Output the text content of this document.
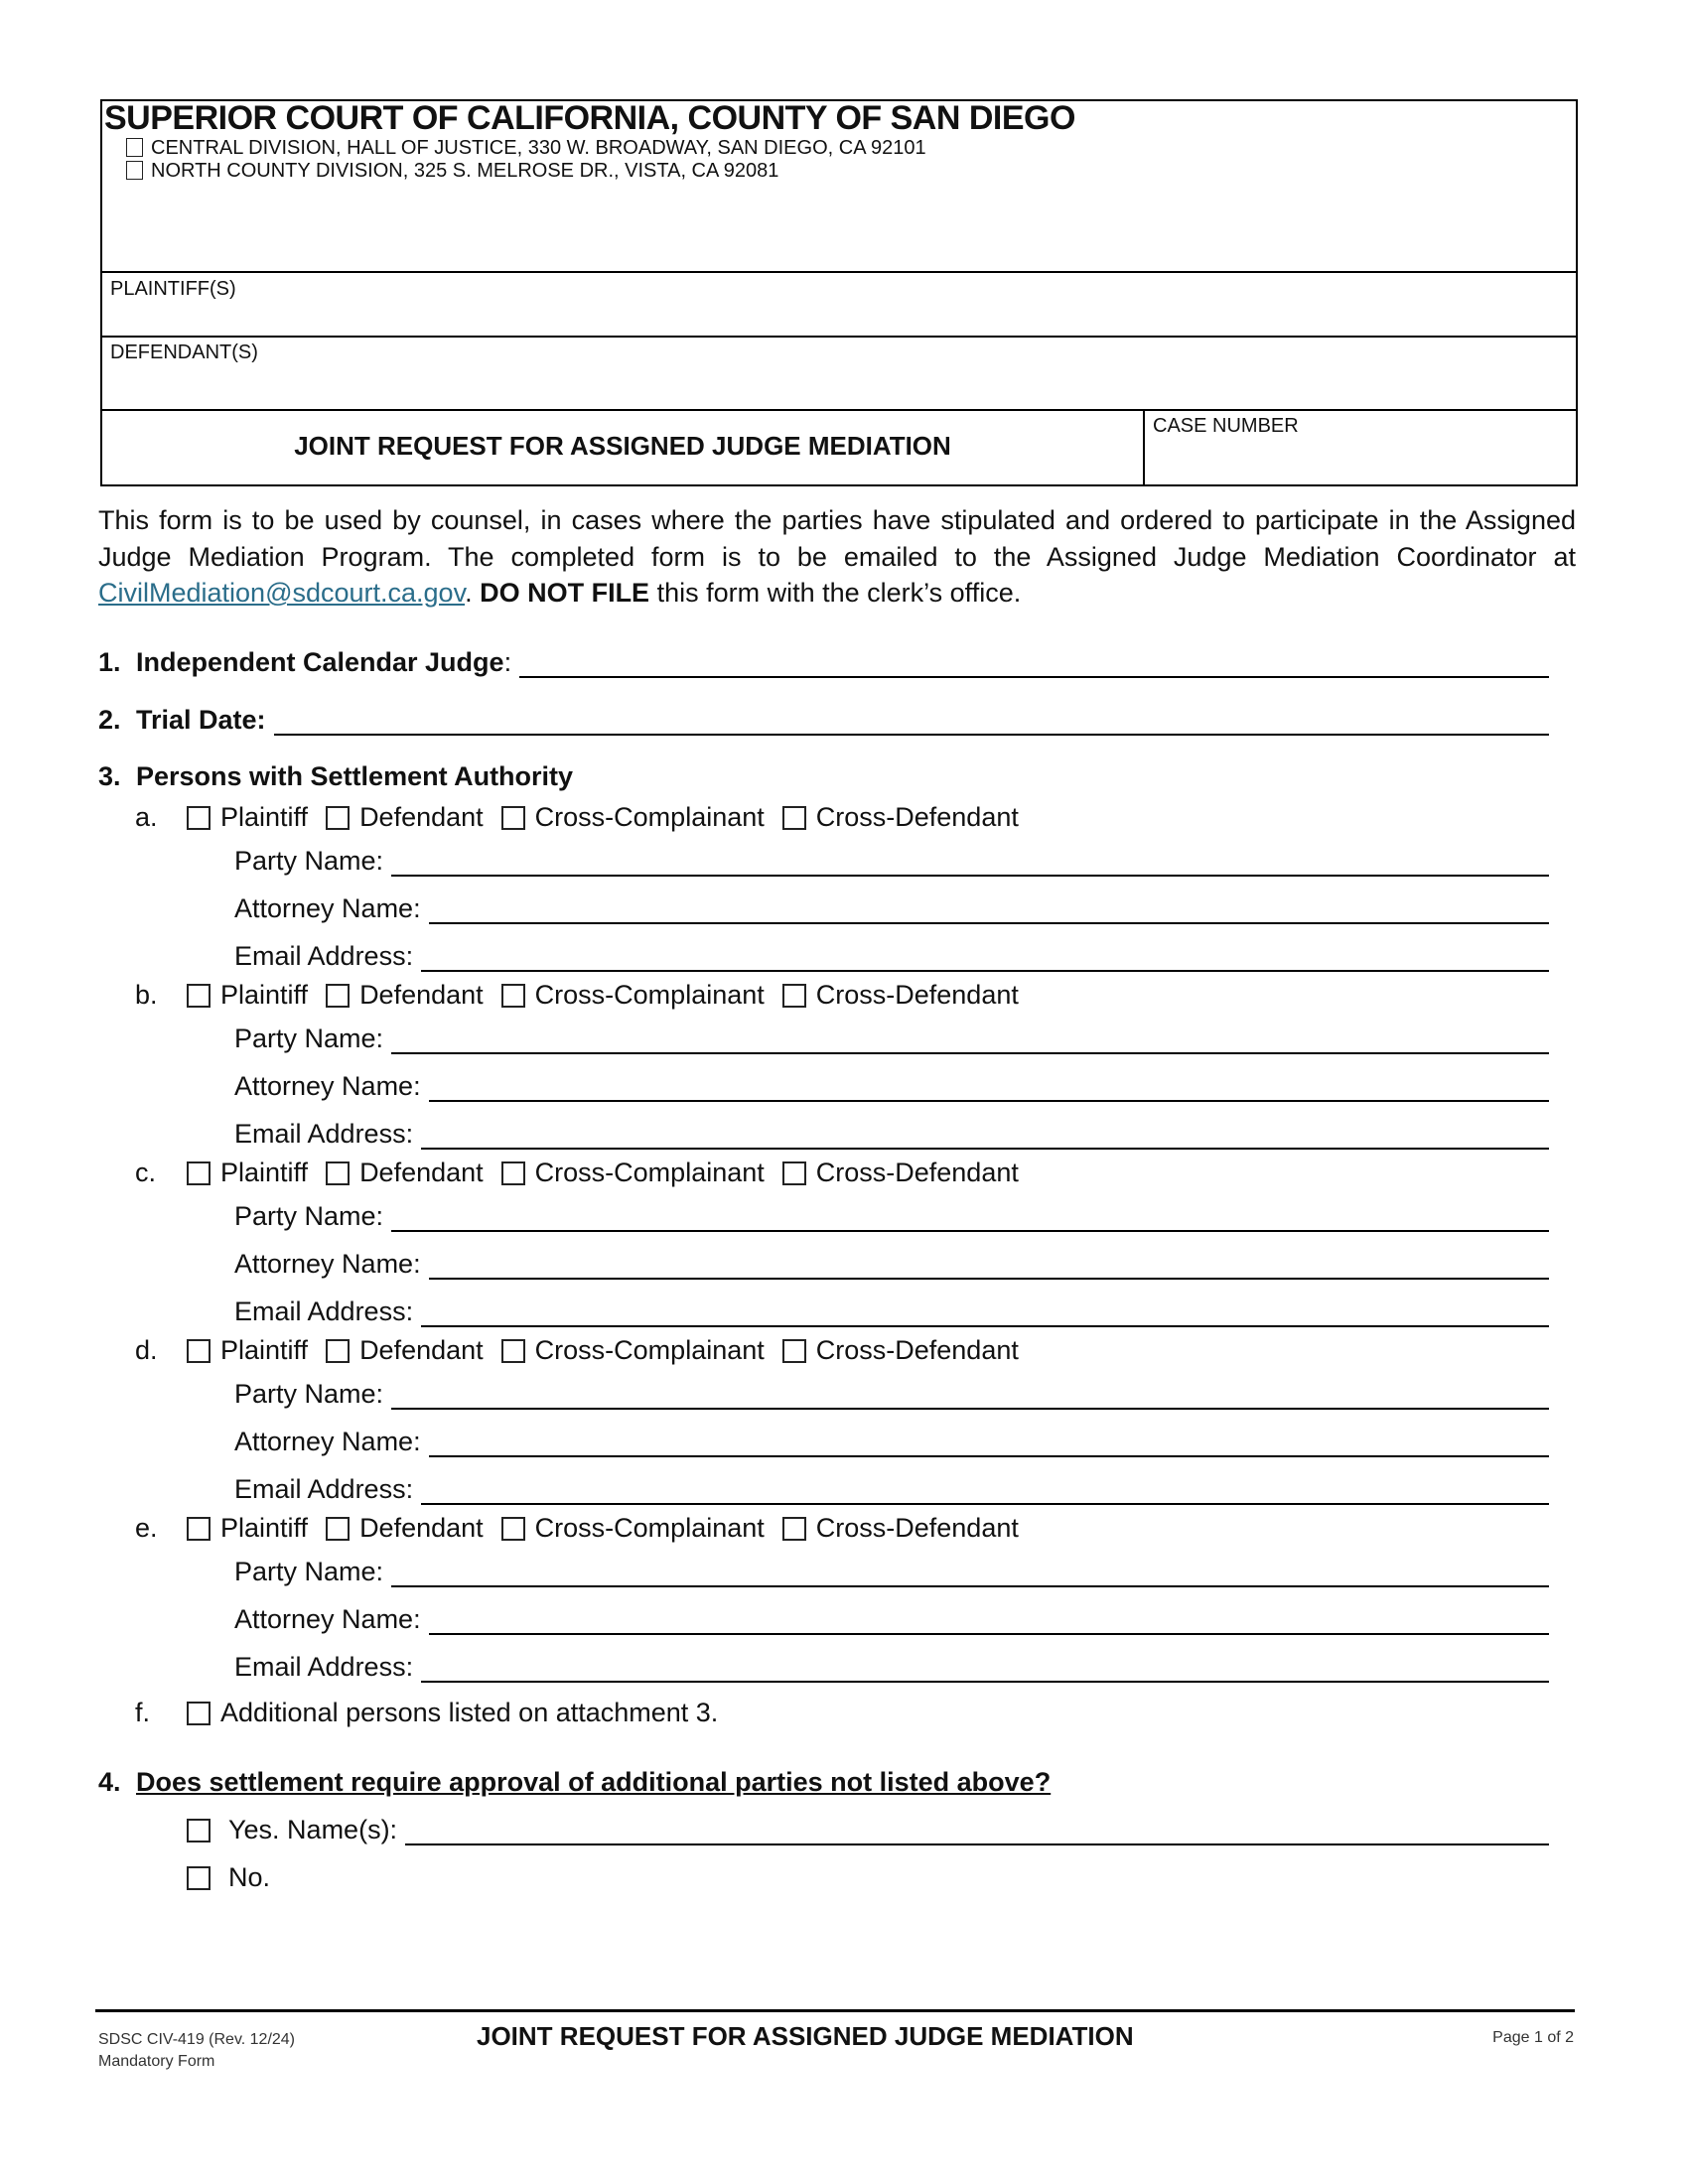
SUPERIOR COURT OF CALIFORNIA, COUNTY OF SAN DIEGO
CENTRAL DIVISION, HALL OF JUSTICE, 330 W. BROADWAY, SAN DIEGO, CA 92101
NORTH COUNTY DIVISION, 325 S. MELROSE DR., VISTA, CA 92081
PLAINTIFF(S)
DEFENDANT(S)
JOINT REQUEST FOR ASSIGNED JUDGE MEDIATION
CASE NUMBER
This form is to be used by counsel, in cases where the parties have stipulated and ordered to participate in the Assigned Judge Mediation Program. The completed form is to be emailed to the Assigned Judge Mediation Coordinator at CivilMediation@sdcourt.ca.gov. DO NOT FILE this form with the clerk’s office.
1. Independent Calendar Judge :
2. Trial Date:
3. Persons with Settlement Authority
a.	Plaintiff Defendant Cross-Complainant Cross-Defendant
Party Name:
Attorney Name:
Email Address:
b.	Plaintiff Defendant Cross-Complainant Cross-Defendant
Party Name:
Attorney Name:
Email Address:
c.	Plaintiff Defendant Cross-Complainant Cross-Defendant
Party Name:
Attorney Name:
Email Address:
d.	Plaintiff Defendant Cross-Complainant Cross-Defendant
Party Name:
Attorney Name:
Email Address:
e.	Plaintiff Defendant Cross-Complainant Cross-Defendant
Party Name:
Attorney Name:
Email Address:
f.	Additional persons listed on attachment 3.
4. Does settlement require approval of additional parties not listed above?
Yes. Name(s):
No.
SDSC CIV-419 (Rev. 12/24)
Mandatory Form
JOINT REQUEST FOR ASSIGNED JUDGE MEDIATION	Page 1 of 2
